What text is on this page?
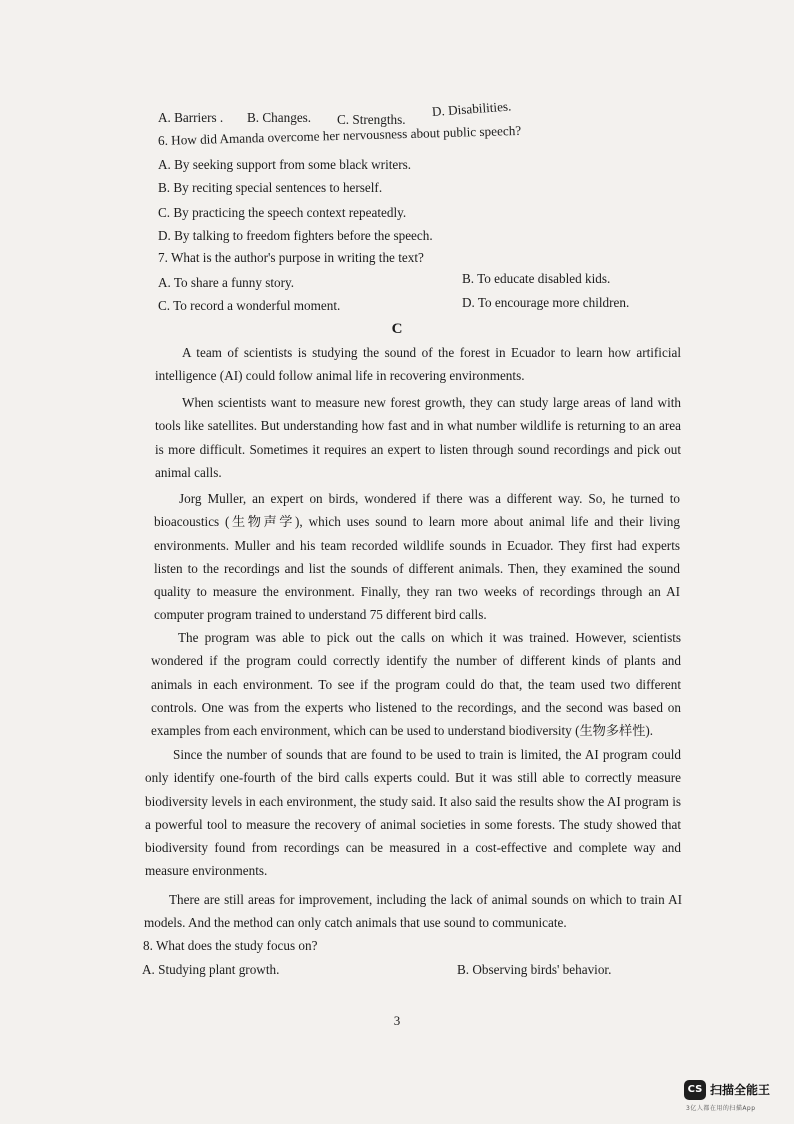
A. Barriers . B. Changes. C. Strengths.
D. Disabilities.
6. How did Amanda overcome her nervousness about public speech?
A. By seeking support from some black writers.
B. By reciting special sentences to herself.
C. By practicing the speech context repeatedly.
D. By talking to freedom fighters before the speech.
7. What is the author's purpose in writing the text?
A. To share a funny story.	B. To educate disabled kids.
C. To record a wonderful moment.	D. To encourage more children.
C
A team of scientists is studying the sound of the forest in Ecuador to learn how artificial intelligence (AI) could follow animal life in recovering environments.
When scientists want to measure new forest growth, they can study large areas of land with tools like satellites. But understanding how fast and in what number wildlife is returning to an area is more difficult. Sometimes it requires an expert to listen through sound recordings and pick out animal calls.
Jorg Muller, an expert on birds, wondered if there was a different way. So, he turned to bioacoustics (生物声学), which uses sound to learn more about animal life and their living environments. Muller and his team recorded wildlife sounds in Ecuador. They first had experts listen to the recordings and list the sounds of different animals. Then, they examined the sound quality to measure the environment. Finally, they ran two weeks of recordings through an AI computer program trained to understand 75 different bird calls.
The program was able to pick out the calls on which it was trained. However, scientists wondered if the program could correctly identify the number of different kinds of plants and animals in each environment. To see if the program could do that, the team used two different controls. One was from the experts who listened to the recordings, and the second was based on examples from each environment, which can be used to understand biodiversity (生物多样性).
Since the number of sounds that are found to be used to train is limited, the AI program could only identify one-fourth of the bird calls experts could. But it was still able to correctly measure biodiversity levels in each environment, the study said. It also said the results show the AI program is a powerful tool to measure the recovery of animal societies in some forests. The study showed that biodiversity found from recordings can be measured in a cost-effective and complete way and measure environments.
There are still areas for improvement, including the lack of animal sounds on which to train AI models. And the method can only catch animals that use sound to communicate.
8. What does the study focus on?
A. Studying plant growth.	B. Observing birds' behavior.
3
CS 扫描全能王
3亿人都在用的扫描App
